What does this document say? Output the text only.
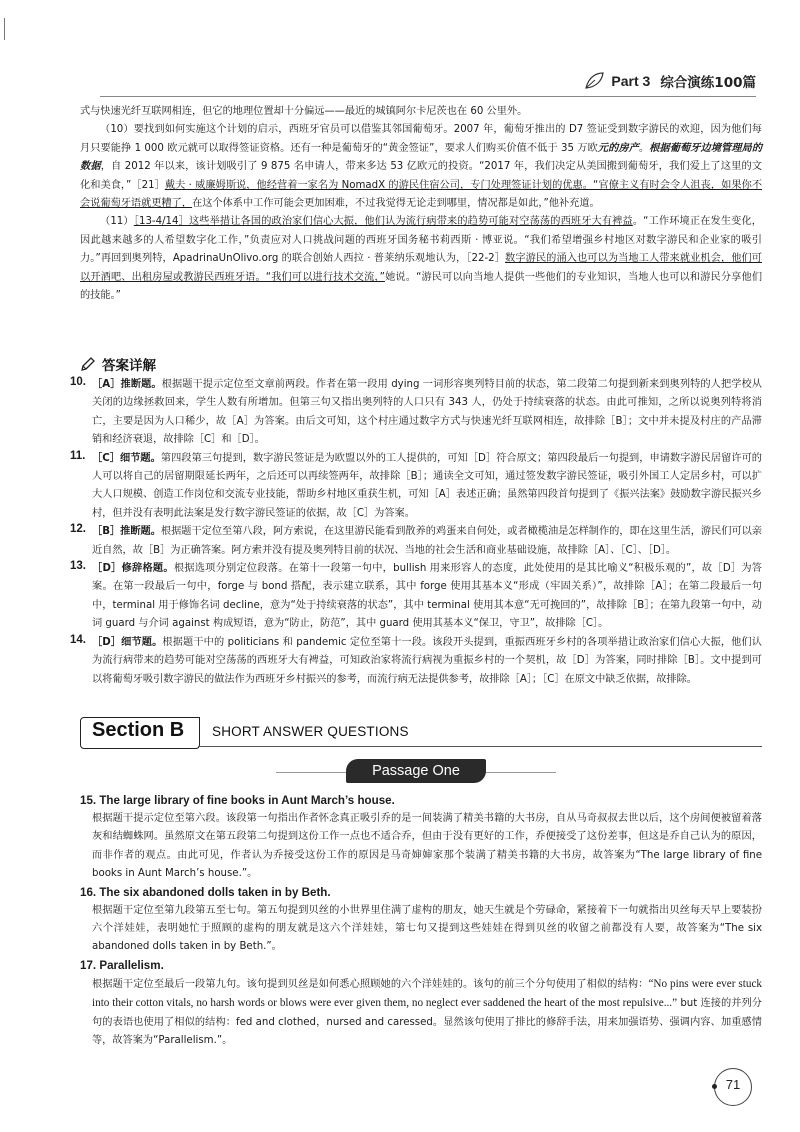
Part 3 综合演练100篇

式与快速光纤互联网相连，但它的地理位置却十分偏远——最近的城镇阿尔卡尼茨也在 60 公里外。

（10）要找到如何实施这个计划的启示，西班牙官员可以借鉴其邻国葡萄牙。2007 年，葡萄牙推出的 D7 签证受到数字游民的欢迎，因为他们每月只要能挣 1 000 欧元就可以取得签证资格。还有一种是葡萄牙的“黄金签证”，要求人们购买价值不低于 35 万欧元的房产。根据葡萄牙边境管理局的数据，自 2012 年以来，该计划吸引了 9 875 名申请人，带来多达 53 亿欧元的投资。“2017 年，我们决定从美国搬到葡萄牙，我们爱上了这里的文化和美食，”［21］戴夫 · 威廉姆斯说，他经营着一家名为 NomadX 的游民住宿公司，专门处理签证计划的优惠。“官僚主义有时会令人沮丧，如果你不会说葡萄牙语就更糟了，在这个体系中工作可能会更加困难，不过我觉得无论走到哪里，情况都是如此，”他补充道。

（11）［13-4/14］这些举措让各国的政治家们信心大振，他们认为流行病带来的趋势可能对空荡荡的西班牙大有裨益。“工作环境正在发生变化，因此越来越多的人希望数字化工作，”负责应对人口挑战问题的西班牙国务秘书莉西斯 · 博亚说。“我们希望增强乡村地区对数字游民和企业家的吸引力。”再回到奥列特，ApadrinaUnOlivo.org 的联合创始人西拉 · 普莱纳乐观地认为，［22-2］数字游民的涌入也可以为当地工人带来就业机会，他们可以开酒吧、出租房屋或教游民西班牙语。“我们可以进行技术交流，”她说。“游民可以向当地人提供一些他们的专业知识，当地人也可以和游民分享他们的技能。”

答案详解
10. ［A］推断题。根据题干提示定位至文章前两段。作者在第一段用 dying 一词形容奥列特目前的状态，第二段第二句提到新来到奥列特的人把学校从关闭的边缘拯救回来，学生人数有所增加。但第三句又指出奥列特的人口只有 343 人，仍处于持续衰落的状态。由此可推知，之所以说奥列特将消亡，主要是因为人口稀少，故［A］为答案。由后文可知，这个村庄通过数字方式与快速光纤互联网相连，故排除［B］；文中并未提及村庄的产品滞销和经济衰退，故排除［C］和［D］。

11. ［C］细节题。第四段第三句提到，数字游民签证是为欧盟以外的工人提供的，可知［D］符合原文；第四段最后一句提到，申请数字游民居留许可的人可以将自己的居留期限延长两年，之后还可以再续签两年，故排除［B］；通读全文可知，通过签发数字游民签证，吸引外国工人定居乡村，可以扩大人口规模、创造工作岗位和交流专业技能，帮助乡村地区重获生机，可知［A］表述正确；虽然第四段首句提到了《振兴法案》鼓励数字游民振兴乡村，但并没有表明此法案是发行数字游民签证的依据，故［C］为答案。

12. ［B］推断题。根据题干定位至第八段，阿方索说，在这里游民能看到散养的鸡蛋来自何处，或者橄榄油是怎样制作的，即在这里生活，游民们可以亲近自然，故［B］为正确答案。阿方索并没有提及奥列特目前的状况、当地的社会生活和商业基础设施，故排除［A］、［C］、［D］。

13. ［D］修辞格题。根据选项分别定位段落。在第十一段第一句中，bullish 用来形容人的态度，此处使用的是其比喻义“积极乐观的”，故［D］为答案。在第一段最后一句中，forge 与 bond 搭配，表示建立联系，其中 forge 使用其基本义“形成（牢固关系）”，故排除［A］；在第二段最后一句中，terminal 用于修饰名词 decline，意为“处于持续衰落的状态”，其中 terminal 使用其本意“无可挽回的”，故排除［B］；在第九段第一句中，动词 guard 与介词 against 构成短语，意为“防止，防范”，其中 guard 使用其基本义“保卫，守卫”，故排除［C］。

14. ［D］细节题。根据题干中的 politicians 和 pandemic 定位至第十一段。该段开头提到，重振西班牙乡村的各项举措让政治家们信心大振，他们认为流行病带来的趋势可能对空荡荡的西班牙大有裨益，可知政治家将流行病视为重振乡村的一个契机，故［D］为答案，同时排除［B］。文中提到可以将葡萄牙吸引数字游民的做法作为西班牙乡村振兴的参考，而流行病无法提供参考，故排除［A］；［C］在原文中缺乏依据，故排除。

Section B SHORT ANSWER QUESTIONS
Passage One

15. The large library of fine books in Aunt March’s house.

根据题干提示定位至第六段。该段第一句指出作者怀念真正吸引乔的是一间装满了精美书籍的大书房，自从马奇叔叔去世以后，这个房间便被留着落灰和结蜘蛛网。虽然原文在第五段第二句提到这份工作一点也不适合乔，但由于没有更好的工作，乔便接受了这份差事，但这是乔自己认为的原因，而非作者的观点。由此可见，作者认为乔接受这份工作的原因是马奇婶婶家那个装满了精美书籍的大书房，故答案为“The large library of fine books in Aunt March’s house.”。

16. The six abandoned dolls taken in by Beth.

根据题干定位至第九段第五至七句。第五句提到贝丝的小世界里住满了虚构的朋友，她天生就是个劳碌命，紧接着下一句就指出贝丝每天早上要装扮六个洋娃娃，表明她忙于照顾的虚构的朋友就是这六个洋娃娃，第七句又提到这些娃娃在得到贝丝的收留之前都没有人要，故答案为“The six abandoned dolls taken in by Beth.”。

17. Parallelism.

根据题干定位至最后一段第九句。该句提到贝丝是如何悉心照顾她的六个洋娃娃的。该句的前三个分句使用了相似的结构：“No pins were ever stuck into their cotton vitals, no harsh words or blows were ever given them, no neglect ever saddened the heart of the most repulsive...” but 连接的并列分句的表语也使用了相似的结构：fed and clothed，nursed and caressed。显然该句使用了排比的修辞手法，用来加强语势、强调内容、加重感情等，故答案为“Parallelism.”。

71
